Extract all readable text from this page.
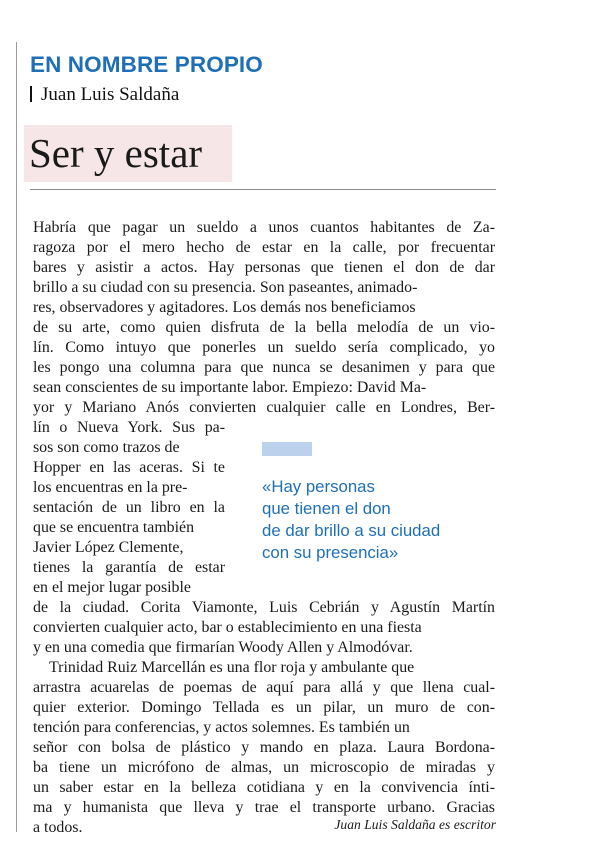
EN NOMBRE PROPIO
Juan Luis Saldaña
Ser y estar
Habría que pagar un sueldo a unos cuantos habitantes de Za-
ragoza por el mero hecho de estar en la calle, por frecuentar
bares y asistir a actos. Hay personas que tienen el don de dar
brillo a su ciudad con su presencia. Son paseantes, animado-
res, observadores y agitadores. Los demás nos beneficiamos
de su arte, como quien disfruta de la bella melodía de un vio-
lín. Como intuyo que ponerles un sueldo sería complicado, yo
les pongo una columna para que nunca se desanimen y para que
sean conscientes de su importante labor. Empiezo: David Ma-
yor y Mariano Anós convierten cualquier calle en Londres, Ber-
lín o Nueva York. Sus pa-
sos son como trazos de
Hopper en las aceras. Si te
los encuentras en la pre-
sentación de un libro en la
que se encuentra también
Javier López Clemente,
tienes la garantía de estar
en el mejor lugar posible
de la ciudad. Corita Viamonte, Luis Cebrián y Agustín Martín
convierten cualquier acto, bar o establecimiento en una fiesta
y en una comedia que firmarían Woody Allen y Almodóvar.
Trinidad Ruiz Marcellán es una flor roja y ambulante que
arrastra acuarelas de poemas de aquí para allá y que llena cual-
quier exterior. Domingo Tellada es un pilar, un muro de con-
tención para conferencias, y actos solemnes. Es también un
señor con bolsa de plástico y mando en plaza. Laura Bordona-
ba tiene un micrófono de almas, un microscopio de miradas y
un saber estar en la belleza cotidiana y en la convivencia ínti-
ma y humanista que lleva y trae el transporte urbano. Gracias
a todos.
«Hay personas
que tienen el don
de dar brillo a su ciudad
con su presencia»
Juan Luis Saldaña es escritor
